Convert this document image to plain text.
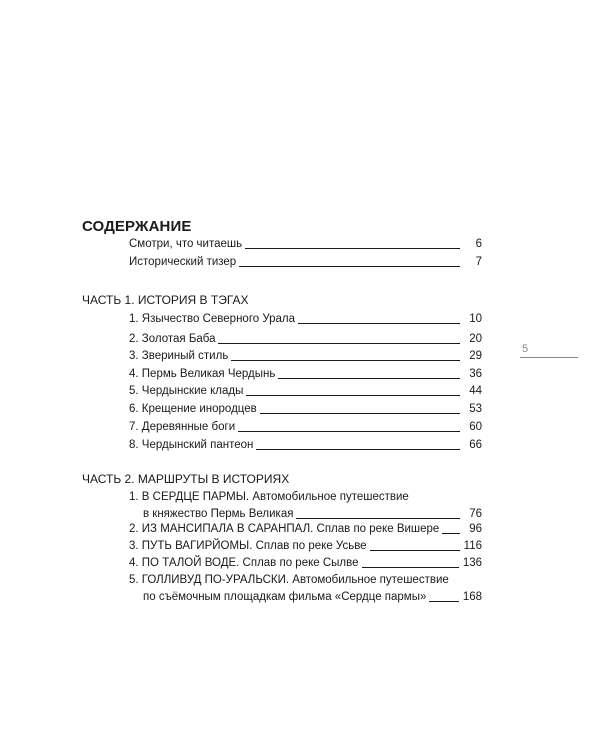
СОДЕРЖАНИЕ
Смотри, что читаешь	6
Исторический тизер	7
ЧАСТЬ 1. ИСТОРИЯ В ТЭГАХ
1. Язычество Северного Урала	10
2. Золотая Баба	20
3. Звериный стиль	29
4. Пермь Великая Чердынь	36
5. Чердынские клады	44
6. Крещение инородцев	53
7. Деревянные боги	60
8. Чердынский пантеон	66
ЧАСТЬ 2. МАРШРУТЫ В ИСТОРИЯХ
1. В СЕРДЦЕ ПАРМЫ. Автомобильное путешествие
в княжество Пермь Великая	76
2. ИЗ МАНСИПАЛА В САРАНПАЛ. Сплав по реке Вишере	96
3. ПУТЬ ВАГИРЙОМЫ. Сплав по реке Усьве	116
4. ПО ТАЛОЙ ВОДЕ. Сплав по реке Сылве	136
5. ГОЛЛИВУД ПО-УРАЛЬСКИ. Автомобильное путешествие
по съёмочным площадкам фильма «Сердце пармы»	168
5
